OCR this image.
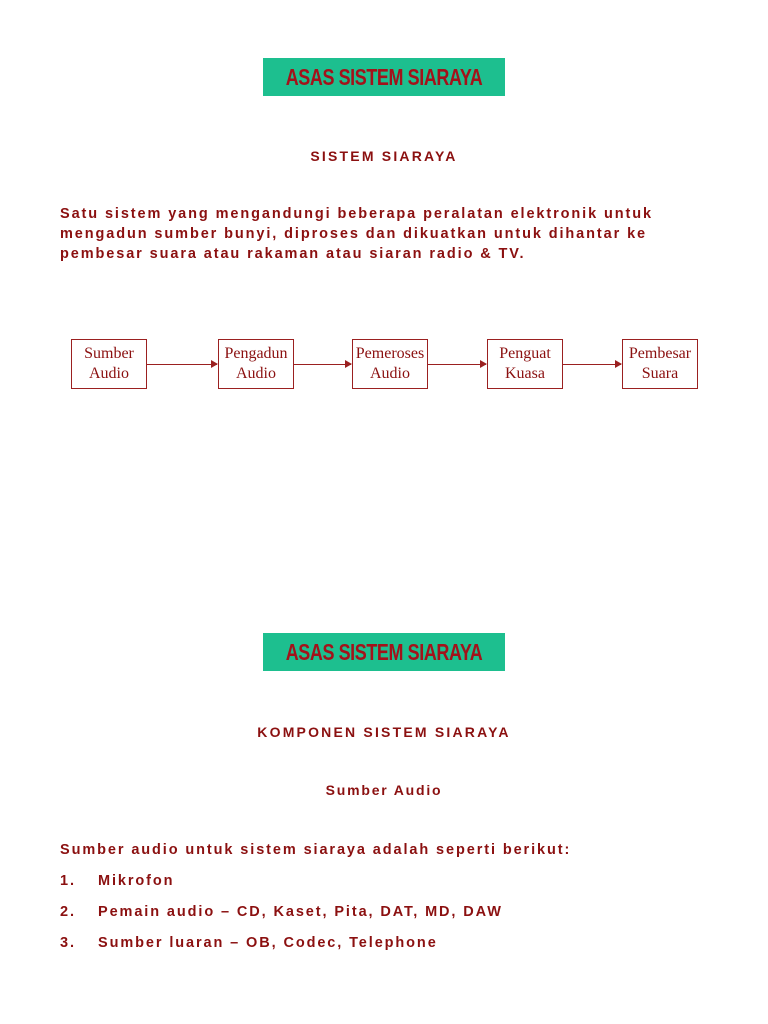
ASAS SISTEM SIARAYA
SISTEM SIARAYA
Satu sistem yang mengandungi beberapa peralatan elektronik untuk
mengadun sumber bunyi, diproses dan dikuatkan untuk dihantar ke
pembesar suara atau rakaman atau siaran radio & TV.
Sumber
Audio
Pengadun
Audio
Pemeroses
Audio
Penguat
Kuasa
Pembesar
Suara
ASAS SISTEM SIARAYA
KOMPONEN SISTEM SIARAYA
Sumber Audio
Sumber audio untuk sistem siaraya adalah seperti berikut:
1. Mikrofon
2. Pemain audio – CD, Kaset, Pita, DAT, MD, DAW
3. Sumber luaran – OB, Codec, Telephone
